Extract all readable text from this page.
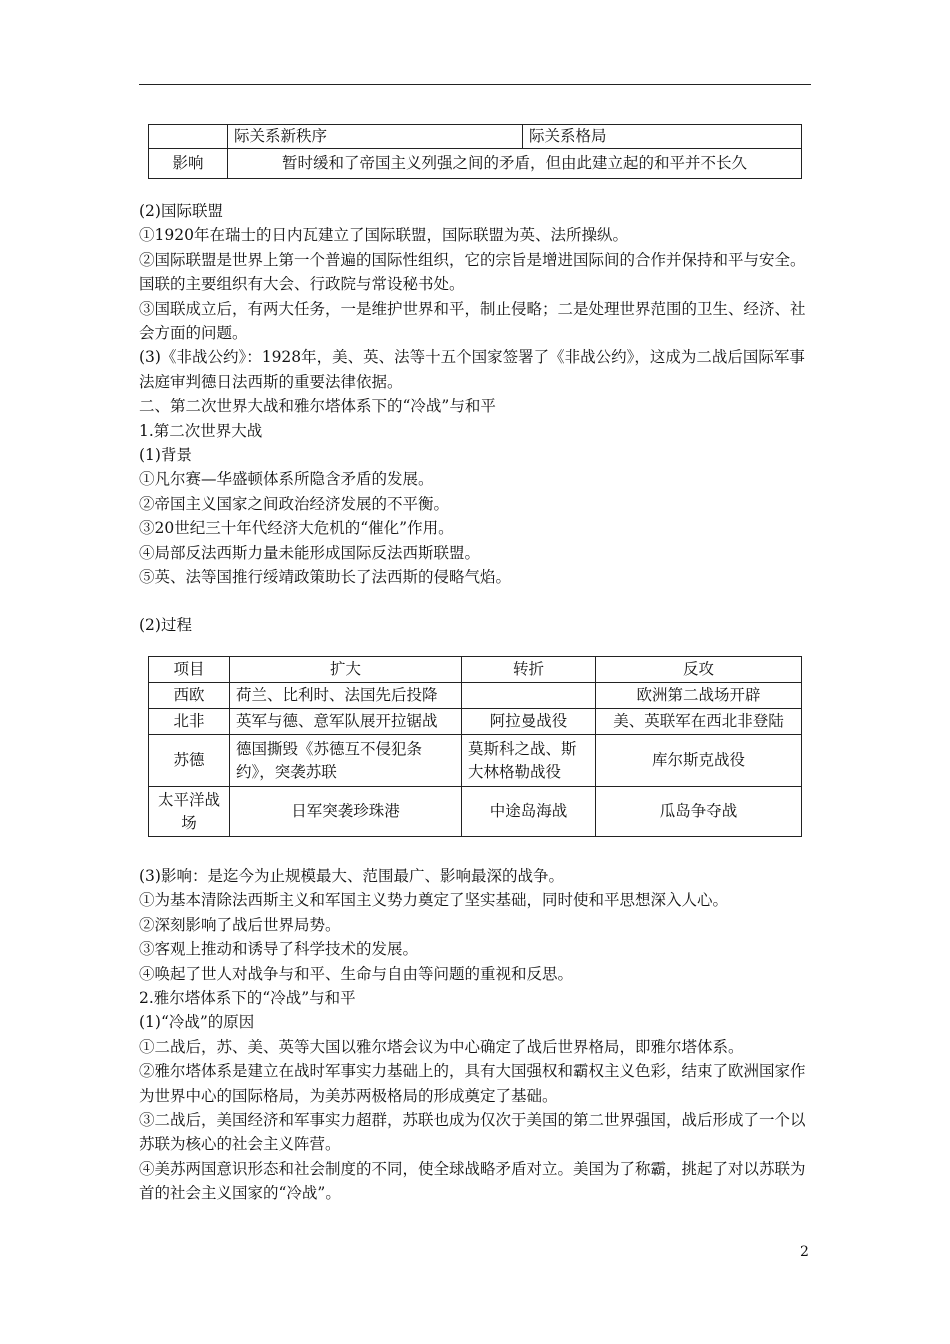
	际关系新秩序	际关系格局
影响	暂时缓和了帝国主义列强之间的矛盾，但由此建立起的和平并不长久	

(2)国际联盟

①1920年在瑞士的日内瓦建立了国际联盟，国际联盟为英、法所操纵。

②国际联盟是世界上第一个普遍的国际性组织，它的宗旨是增进国际间的合作并保持和平与安全。国联的主要组织有大会、行政院与常设秘书处。

③国联成立后，有两大任务，一是维护世界和平，制止侵略；二是处理世界范围的卫生、经济、社会方面的问题。

(3)《非战公约》：1928年，美、英、法等十五个国家签署了《非战公约》，这成为二战后国际军事法庭审判德日法西斯的重要法律依据。

二、第二次世界大战和雅尔塔体系下的“冷战”与和平

1.第二次世界大战

(1)背景

①凡尔赛—华盛顿体系所隐含矛盾的发展。

②帝国主义国家之间政治经济发展的不平衡。

③20世纪三十年代经济大危机的“催化”作用。

④局部反法西斯力量未能形成国际反法西斯联盟。

⑤英、法等国推行绥靖政策助长了法西斯的侵略气焰。

(2)过程

项目	扩大	转折	反攻
西欧	荷兰、比利时、法国先后投降		欧洲第二战场开辟
北非	英军与德、意军队展开拉锯战	阿拉曼战役	美、英联军在西北非登陆
苏德	德国撕毁《苏德互不侵犯条约》，突袭苏联	莫斯科之战、斯大林格勒战役	库尔斯克战役
太平洋战场	日军突袭珍珠港	中途岛海战	瓜岛争夺战

(3)影响：是迄今为止规模最大、范围最广、影响最深的战争。

①为基本清除法西斯主义和军国主义势力奠定了坚实基础，同时使和平思想深入人心。

②深刻影响了战后世界局势。

③客观上推动和诱导了科学技术的发展。

④唤起了世人对战争与和平、生命与自由等问题的重视和反思。

2.雅尔塔体系下的“冷战”与和平

(1)“冷战”的原因

①二战后，苏、美、英等大国以雅尔塔会议为中心确定了战后世界格局，即雅尔塔体系。

②雅尔塔体系是建立在战时军事实力基础上的，具有大国强权和霸权主义色彩，结束了欧洲国家作为世界中心的国际格局，为美苏两极格局的形成奠定了基础。

③二战后，美国经济和军事实力超群，苏联也成为仅次于美国的第二世界强国，战后形成了一个以苏联为核心的社会主义阵营。

④美苏两国意识形态和社会制度的不同，使全球战略矛盾对立。美国为了称霸，挑起了对以苏联为首的社会主义国家的“冷战”。

2
